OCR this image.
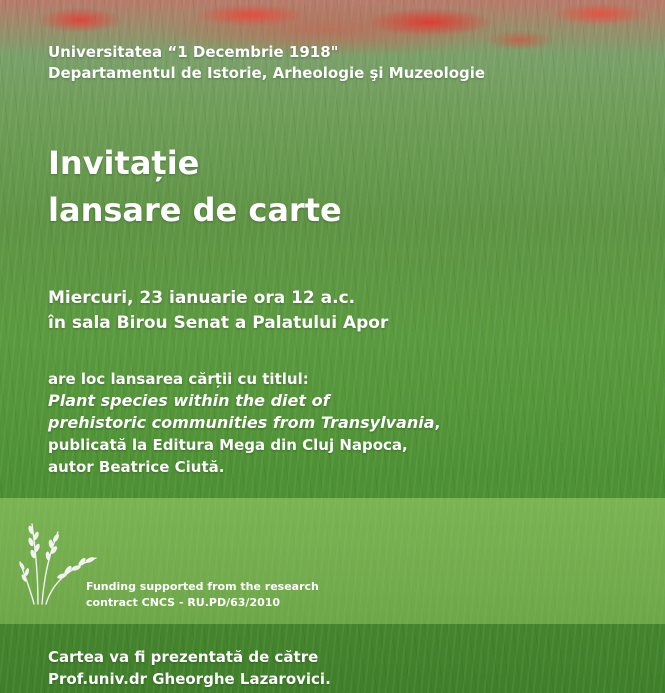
Universitatea “1 Decembrie 1918"
Departamentul de Istorie, Arheologie şi Muzeologie
Invitație
lansare de carte
Miercuri, 23 ianuarie ora 12 a.c.
în sala Birou Senat a Palatului Apor
are loc lansarea cărții cu titlul:
Plant species within the diet of
prehistoric communities from Transylvania,
publicată la Editura Mega din Cluj Napoca,
autor Beatrice Ciută.
Funding supported from the research
contract CNCS - RU.PD/63/2010
Cartea va fi prezentată de către
Prof.univ.dr Gheorghe Lazarovici.
